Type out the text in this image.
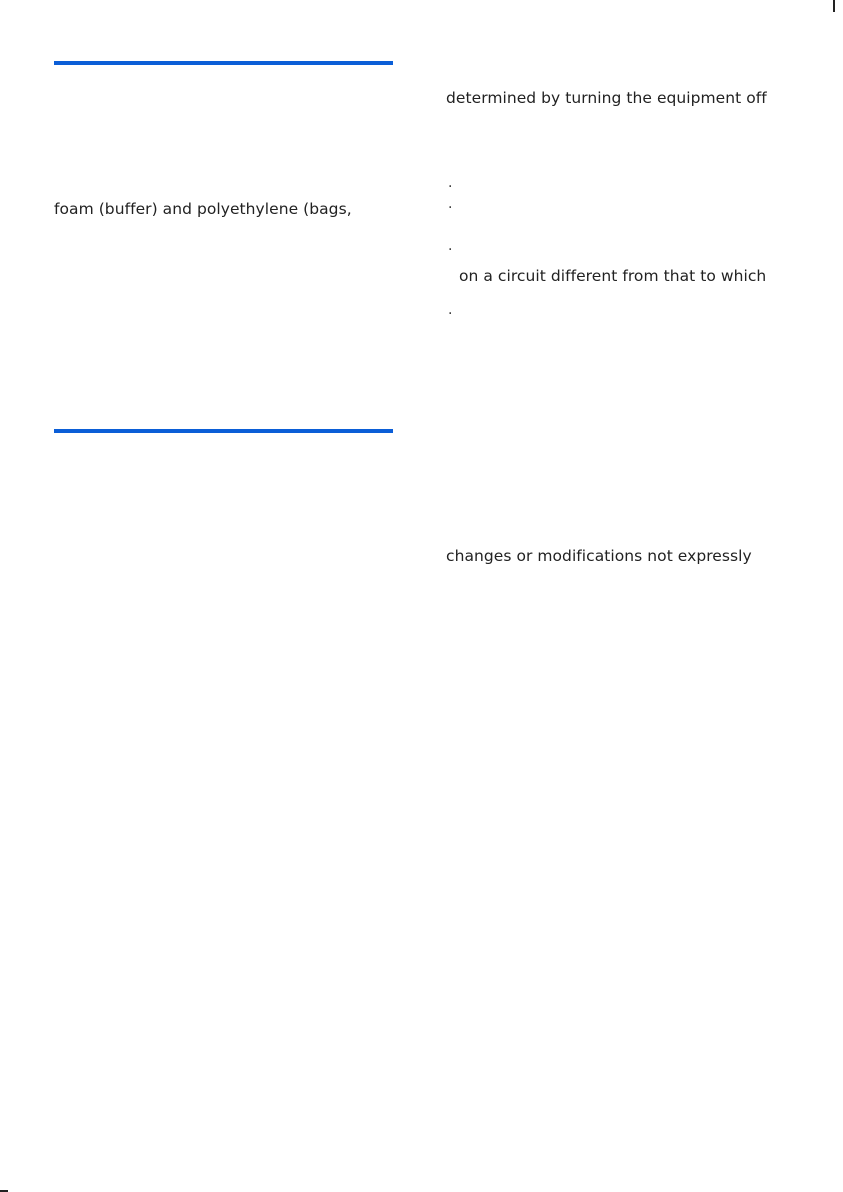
foam (buffer) and polyethylene (bags,
determined by turning the equipment off
·
·
·
on a circuit different from that to which
·
changes or modifications not expressly
